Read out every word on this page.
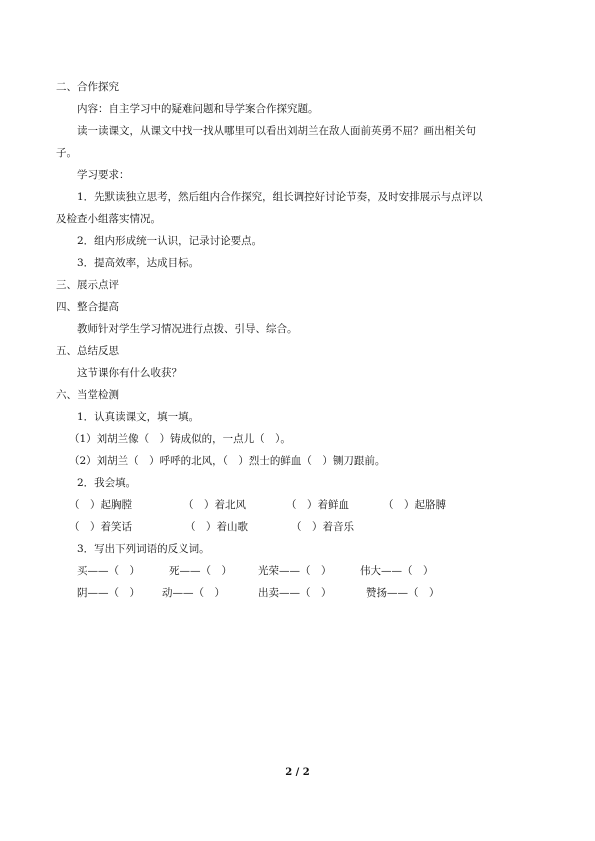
二、合作探究
内容：自主学习中的疑难问题和导学案合作探究题。
读一读课文，从课文中找一找从哪里可以看出刘胡兰在敌人面前英勇不屈？画出相关句
子。
学习要求：
1．先默读独立思考，然后组内合作探究，组长调控好讨论节奏，及时安排展示与点评以
及检查小组落实情况。
2．组内形成统一认识，记录讨论要点。
3．提高效率，达成目标。
三、展示点评
四、整合提高
教师针对学生学习情况进行点拨、引导、综合。
五、总结反思
这节课你有什么收获？
六、当堂检测
1．认真读课文，填一填。
（1）刘胡兰像（　）铸成似的，一点儿（　）。
（2）刘胡兰（　）呼呼的北风，（　）烈士的鲜血（　）铡刀跟前。
2．我会填。
（　）起胸膛	（　）着北风	（　）着鲜血	（　）起胳膊
（　）着笑话	（　）着山歌	（　）着音乐
3．写出下列词语的反义词。
买——（　）	死——（　） 光荣——（　）	伟大——（　）
阴——（　） 动——（　）	出卖——（　）	赞扬——（　）
2 / 2
